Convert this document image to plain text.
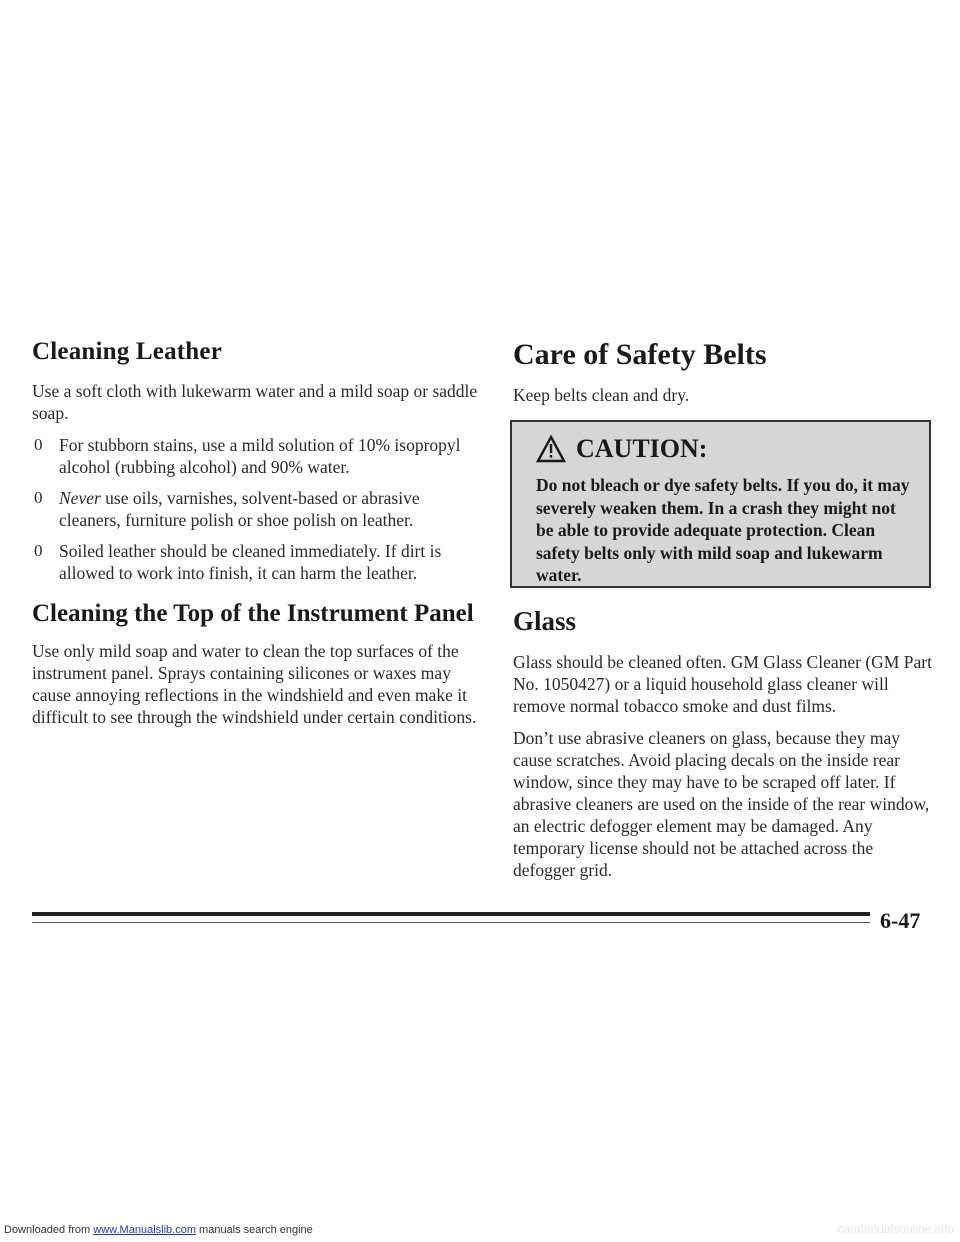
Cleaning Leather

Use a soft cloth with lukewarm water and a mild soap or saddle soap.

0 For stubborn stains, use a mild solution of 10% isopropyl alcohol (rubbing alcohol) and 90% water.
0 Never use oils, varnishes, solvent-based or abrasive cleaners, furniture polish or shoe polish on leather.
0 Soiled leather should be cleaned immediately. If dirt is allowed to work into finish, it can harm the leather.
Cleaning the Top of the Instrument Panel

Use only mild soap and water to clean the top surfaces of the instrument panel. Sprays containing silicones or waxes may cause annoying reflections in the windshield and even make it difficult to see through the windshield under certain conditions.

Care of Safety Belts

Keep belts clean and dry.

CAUTION:
Do not bleach or dye safety belts. If you do, it may severely weaken them. In a crash they might not be able to provide adequate protection. Clean safety belts only with mild soap and lukewarm water.
Glass

Glass should be cleaned often. GM Glass Cleaner (GM Part No. 1050427) or a liquid household glass cleaner will remove normal tobacco smoke and dust films.

Don’t use abrasive cleaners on glass, because they may cause scratches. Avoid placing decals on the inside rear window, since they may have to be scraped off later. If abrasive cleaners are used on the inside of the rear window, an electric defogger element may be damaged. Any temporary license should not be attached across the defogger grid.

6-47
Downloaded from www.Manualslib.com manuals search engine	carmanualsonline.info
